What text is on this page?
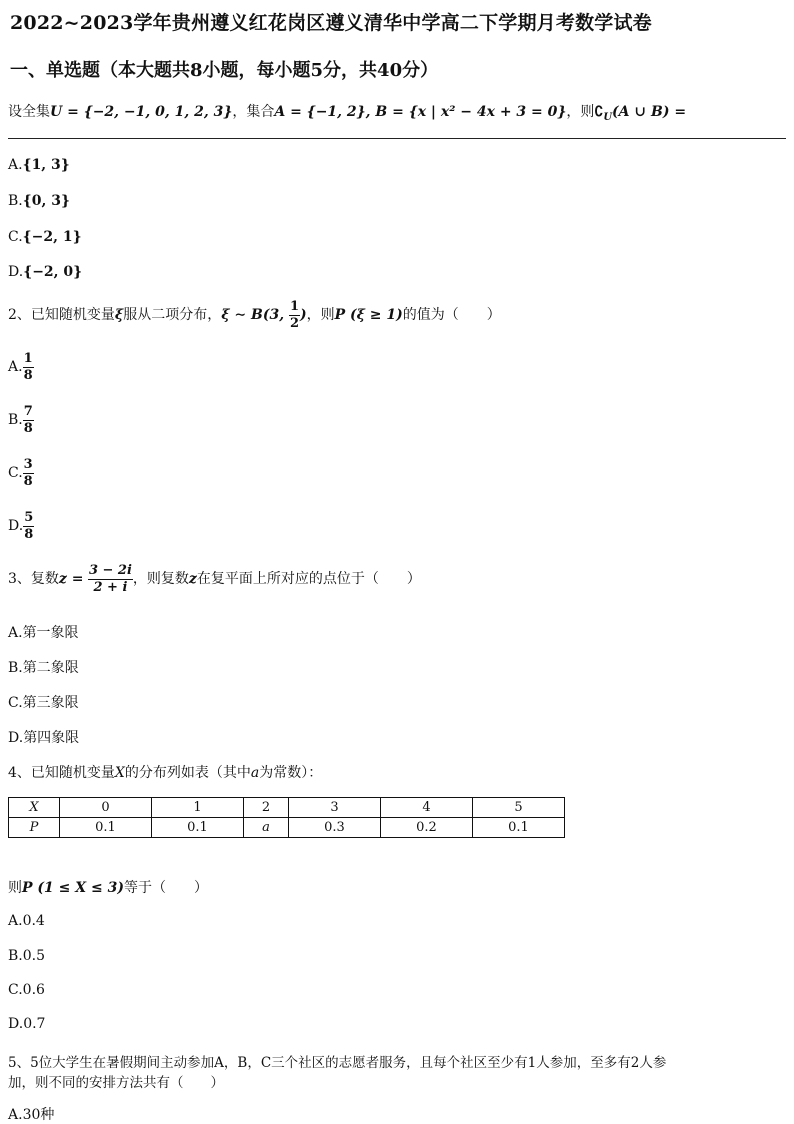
2022~2023学年贵州遵义红花岗区遵义清华中学高二下学期月考数学试卷
一、单选题（本大题共8小题，每小题5分，共40分）
设全集U = {−2, −1, 0, 1, 2, 3}，集合A = {−1, 2}, B = {x | x² − 4x + 3 = 0}，则$∁_U(A$ ∪ B) =
A.{1, 3}
B.{0, 3}
C.{−2, 1}
D.{−2, 0}
2、已知随机变量ξ服从二项分布，ξ ∼ B(3, $\frac{1}{2}$ )，则P (ξ ≥ 1)的值为（　　）
A. $\frac{1}{8}$
B. $\frac{7}{8}$
C. $\frac{3}{8}$
D. $\frac{5}{8}$
3、复数$z = \frac{3 - 2i}{2 + i}$ ，则复数z在复平面上所对应的点位于（　　）
A.第一象限
B.第二象限
C.第三象限
D.第四象限
4、已知随机变量X的分布列如表（其中a为常数）：
X	0	1	2	3	4	5
P	0.1	0.1	a	0.3	0.2	0.1
则P (1 ≤ X ≤ 3)等于（　　）
A.0.4
B.0.5
C.0.6
D.0.7
5、5位大学生在暑假期间主动参加A，B，C三个社区的志愿者服务，且每个社区至少有1人参加，至多有2人参
加，则不同的安排方法共有（　　）
A.30种
